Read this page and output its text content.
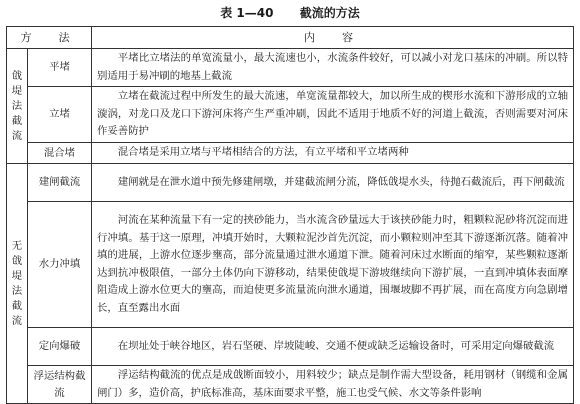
表 1—40 截流的方法
方　法		内　容

戗堤法截流	平堵	平堵比立堵法的单宽流量小，最大流速也小，水流条件较好，可以减小对龙口基床的冲刷。所以特别适用于易冲刷的地基上截流
	立堵	立堵在截流过程中所发生的最大流速，单宽流量都较大，加以所生成的楔形水流和下游形成的立轴漩涡，对龙口及龙口下游河床将产生严重冲刷，因此不适用于地质不好的河道上截流，否则需要对河床作妥善防护
	混合堵	混合堵是采用立堵与平堵相结合的方法，有立平堵和平立堵两种

无戗堤法截流	建闸截流	建闸就是在泄水道中预先修建闸墩，并建截流闸分流，降低戗堤水头，待抛石截流后，再下闸截流
	水力冲填	河流在某种流量下有一定的挟砂能力，当水流含砂量远大于该挟砂能力时，粗颗粒泥砂将沉淀而进行冲填。基于这一原理，冲填开始时，大颗粒泥沙首先沉淀，而小颗粒则冲至其下游逐渐沉落。随着冲填的进展，上游水位逐步壅高，部分流量通过泄水通道下泄。随着河床过水断面的缩窄，某些颗粒逐渐达到抗冲极限值，一部分土体仍向下游移动，结果使戗堤下游坡继续向下游扩展，一直到冲填体表面摩阻造成上游水位更大的壅高，而迫使更多流量流向泄水通道，围堰坡脚不再扩展，而在高度方向急剧增长，直至露出水面
	定向爆破	在坝址处于峡谷地区，岩石坚硬、岸坡陡峻、交通不便或缺乏运输设备时，可采用定向爆破截流
	浮运结构截流	浮运结构截流的优点是成戗断面较小，用料较少；缺点是制作需大型设备，耗用钢材（钢缆和金属闸门）多，造价高，护底标准高，基床面要求平整，施工也受气候、水文等条件影响
